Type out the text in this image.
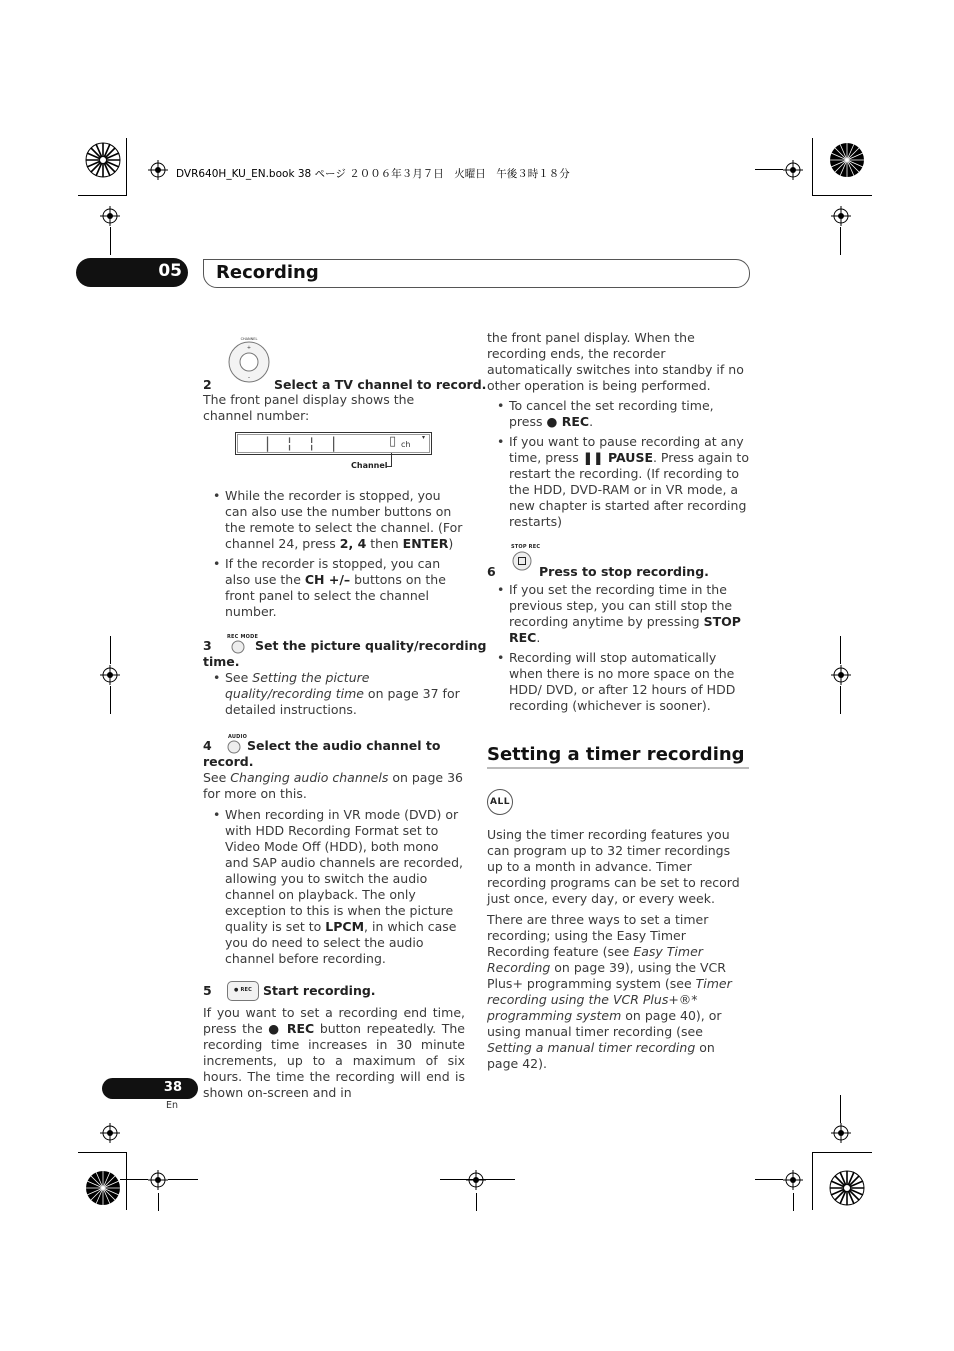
DVR640H_KU_EN.book 38 ページ ２００６年３月７日　火曜日　午後３時１８分
05 Recording
CHANNEL
+
–
2	Select a TV channel to record.

The front panel display shows the channel number:

| ¦ ¦ |	▯ ch
▾
Channel

• While the recorder is stopped, you can also use the number buttons on the remote to select the channel. (For channel 24, press 2, 4 then ENTER)

• If the recorder is stopped, you can also use the CH +/– buttons on the front panel to select the channel number.

REC MODE
3	Set the picture quality/recording
time.

• See Setting the picture quality/recording time on page 37 for detailed instructions.

AUDIO
4	Select the audio channel to
record.

See Changing audio channels on page 36 for more on this.

• When recording in VR mode (DVD) or with HDD Recording Format set to Video Mode Off (HDD), both mono and SAP audio channels are recorded, allowing you to switch the audio channel on playback. The only exception to this is when the picture quality is set to LPCM, in which case you do need to select the audio channel before recording.

● REC
5	Start recording.

If you want to set a recording end time, press the ● REC button repeatedly. The recording time increases in 30 minute increments, up to a maximum of six hours. The time the recording will end is shown on-screen and in

the front panel display. When the recording ends, the recorder automatically switches into standby if no other operation is being performed.

• To cancel the set recording time, press ● REC.

• If you want to pause recording at any time, press ❚❚ PAUSE. Press again to restart the recording. (If recording to the HDD, DVD-RAM or in VR mode, a new chapter is started after recording restarts)

STOP REC
6	Press to stop recording.

• If you set the recording time in the previous step, you can still stop the recording anytime by pressing STOP REC.

• Recording will stop automatically when there is no more space on the HDD/ DVD, or after 12 hours of HDD recording (whichever is sooner).

Setting a timer recording
ALL

Using the timer recording features you can program up to 32 timer recordings up to a month in advance. Timer recording programs can be set to record just once, every day, or every week.

There are three ways to set a timer recording; using the Easy Timer Recording feature (see Easy Timer Recording on page 39), using the VCR Plus+ programming system (see Timer recording using the VCR Plus+®* programming system on page 40), or using manual timer recording (see Setting a manual timer recording on page 42).

38
En
